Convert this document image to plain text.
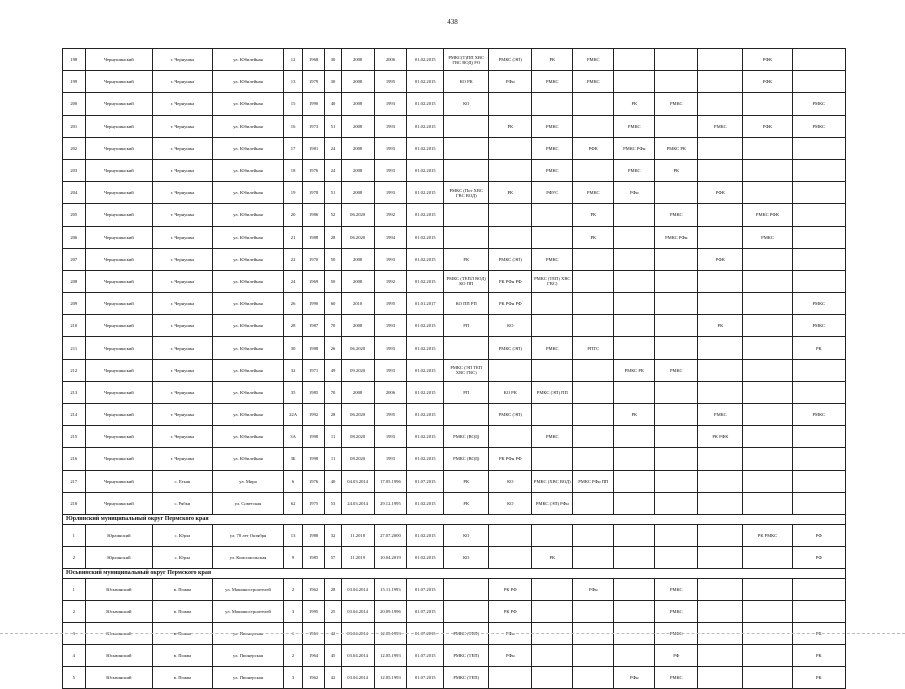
438
198	Чернушинский	г. Чернушка	ул. Юбилейная	12	1968	30	2008	2006	01.02.2015	РМКС(Т)ПП ХВС ГВС ВОД) РО	РМКС (ЭП)	РК	РМКС				РФК	
199	Чернушинский	г. Чернушка	ул. Юбилейная	13	1979	30	2008	1995	01.02.2015	КО РК	РФн	РМКС	РМКС				РФК	
200	Чернушинский	г. Чернушка	ул. Юбилейная	15	1990	40	2008	1993	01.02.2015	КО				РК	РМКС			РМКС
201	Чернушинский	г. Чернушка	ул. Юбилейная	16	1973	51	2008	1993	01.02.2015		РК	РМКС		РМКС		РМКС	РФК	РМКС
202	Чернушинский	г. Чернушка	ул. Юбилейная	17	1981	24	2008	1993	01.02.2015			РМКС	РФК	РМКС РФн	РМКС РК			
203	Чернушинский	г. Чернушка	ул. Юбилейная	18	1976	24	2008	1993	01.02.2015			РМКС		РМКС	РК			
204	Чернушинский	г. Чернушка	ул. Юбилейная	19	1978	51	2008	1993	01.02.2015	РМКС (Пот ХВС ГВС ВОД)	РК	РФУС	РМКС	РФн		РФК		
205	Чернушинский	г. Чернушка	ул. Юбилейная	20	1986	52	06.2020	1992	01.02.2015				РК		РМКС		РМКС РФК	
206	Чернушинский	г. Чернушка	ул. Юбилейная	21	1988	28	06.2020	1994	01.02.2015				РК		РМКС РФн		РМКС	
207	Чернушинский	г. Чернушка	ул. Юбилейная	22	1970	50	2008	1993	01.02.2015	РК	РМКС (ЭП)	РМКС				РФК		
208	Чернушинский	г. Чернушка	ул. Юбилейная	24	1969	50	2008	1992	01.02.2015	РМКС (ТЕПЛ ВОД) КО ПП	РК РФн РФ	РМКС (ТЕП) ХВС ГВС)						
209	Чернушинский	г. Чернушка	ул. Юбилейная	26	1990	60	2010	1995	01.01.2017	КО ПП РП	РК РФн РФ							РМКС
210	Чернушинский	г. Чернушка	ул. Юбилейная	28	1987	70	2008	1993	01.02.2015	РП	КО					РК		РМКС
211	Чернушинский	г. Чернушка	ул. Юбилейная	30	1988	26	06.2020	1993	01.02.2015		РМКС (ЭП)	РМКС	РПТС					РК
212	Чернушинский	г. Чернушка	ул. Юбилейная	32	1971	49	09.2020	1993	01.02.2015	РМКС (ЭП ТЕП ХВС ГВС)				РМКС РК	РМКС			
213	Чернушинский	г. Чернушка	ул. Юбилейная	35	1985	70	2008	2006	01.02.2015	РП	КО РК	РМКС (ЭП) ПП						
214	Чернушинский	г. Чернушка	ул. Юбилейная	22А	1992	28	06.2020	1995	01.02.2015		РМКС (ЭП)			РК		РМКС		РМКС
215	Чернушинский	г. Чернушка	ул. Юбилейная	3А	1998	11	08.2020	1993	01.02.2015	РМКС (ВОД)		РМКС				РК РФК		
216	Чернушинский	г. Чернушка	ул. Юбилейная	3Б	1998	11	08.2020	1993	01.02.2015	РМКС (ВОД)	РК РФн РФ							
217	Чернушинский	с. Етыш	ул. Мира	6	1976	40	04.03.2014	17.05.1996	01.07.2015	РК	КО	РМКС (ХВС ВОД)	РМКС РФн ПП					
218	Чернушинский	с. Рябки	ул. Советская	62	1975	53	24.03.2014	29.12.1995	01.02.2015	РК	КО	РМКС (ЭП) РФн						
Юрлинский муниципальный округ Пермского края																		
1	Юрлинский	с. Юрла	ул. 70 лет Октября	13	1988	32	11.2018	27.07.2000	01.02.2015	КО							РК РМКС	РФ
2	Юрлинский	с. Юрла	ул. Комсомольская	9	1985	57	11.2019	10.04.2019	01.02.2015	КО		РК						РФ
Юсьвинский муниципальный округ Пермского края																		
1	Юсьвинский	в. Пожва	ул. Машиностроителей	2	1962	28	03.04.2014	15.11.1993	01.07.2015		РК РФ		РФн		РМКС			
2	Юсьвинский	в. Пожва	ул. Машиностроителей	3	1995	25	03.04.2014	20.09.1996	01.07.2015		РК РФ				РМКС			
3	Юсьвинский	в. Пожва	ул. Пионерская	1	1961	42	03.04.2014	12.05.1993	01.07.2015	РМКС (ТЕП)	РФн				РМКС			РК
4	Юсьвинский	в. Пожва	ул. Пионерская	2	1964	45	03.04.2014	12.05.1993	01.07.2015	РМКС (ТЕП)	РФн				РФ			РК
5	Юсьвинский	в. Пожва	ул. Пионерская	3	1962	42	03.04.2014	12.05.1993	01.07.2015	РМКС (ТЕП)				РФн	РМКС			РК
